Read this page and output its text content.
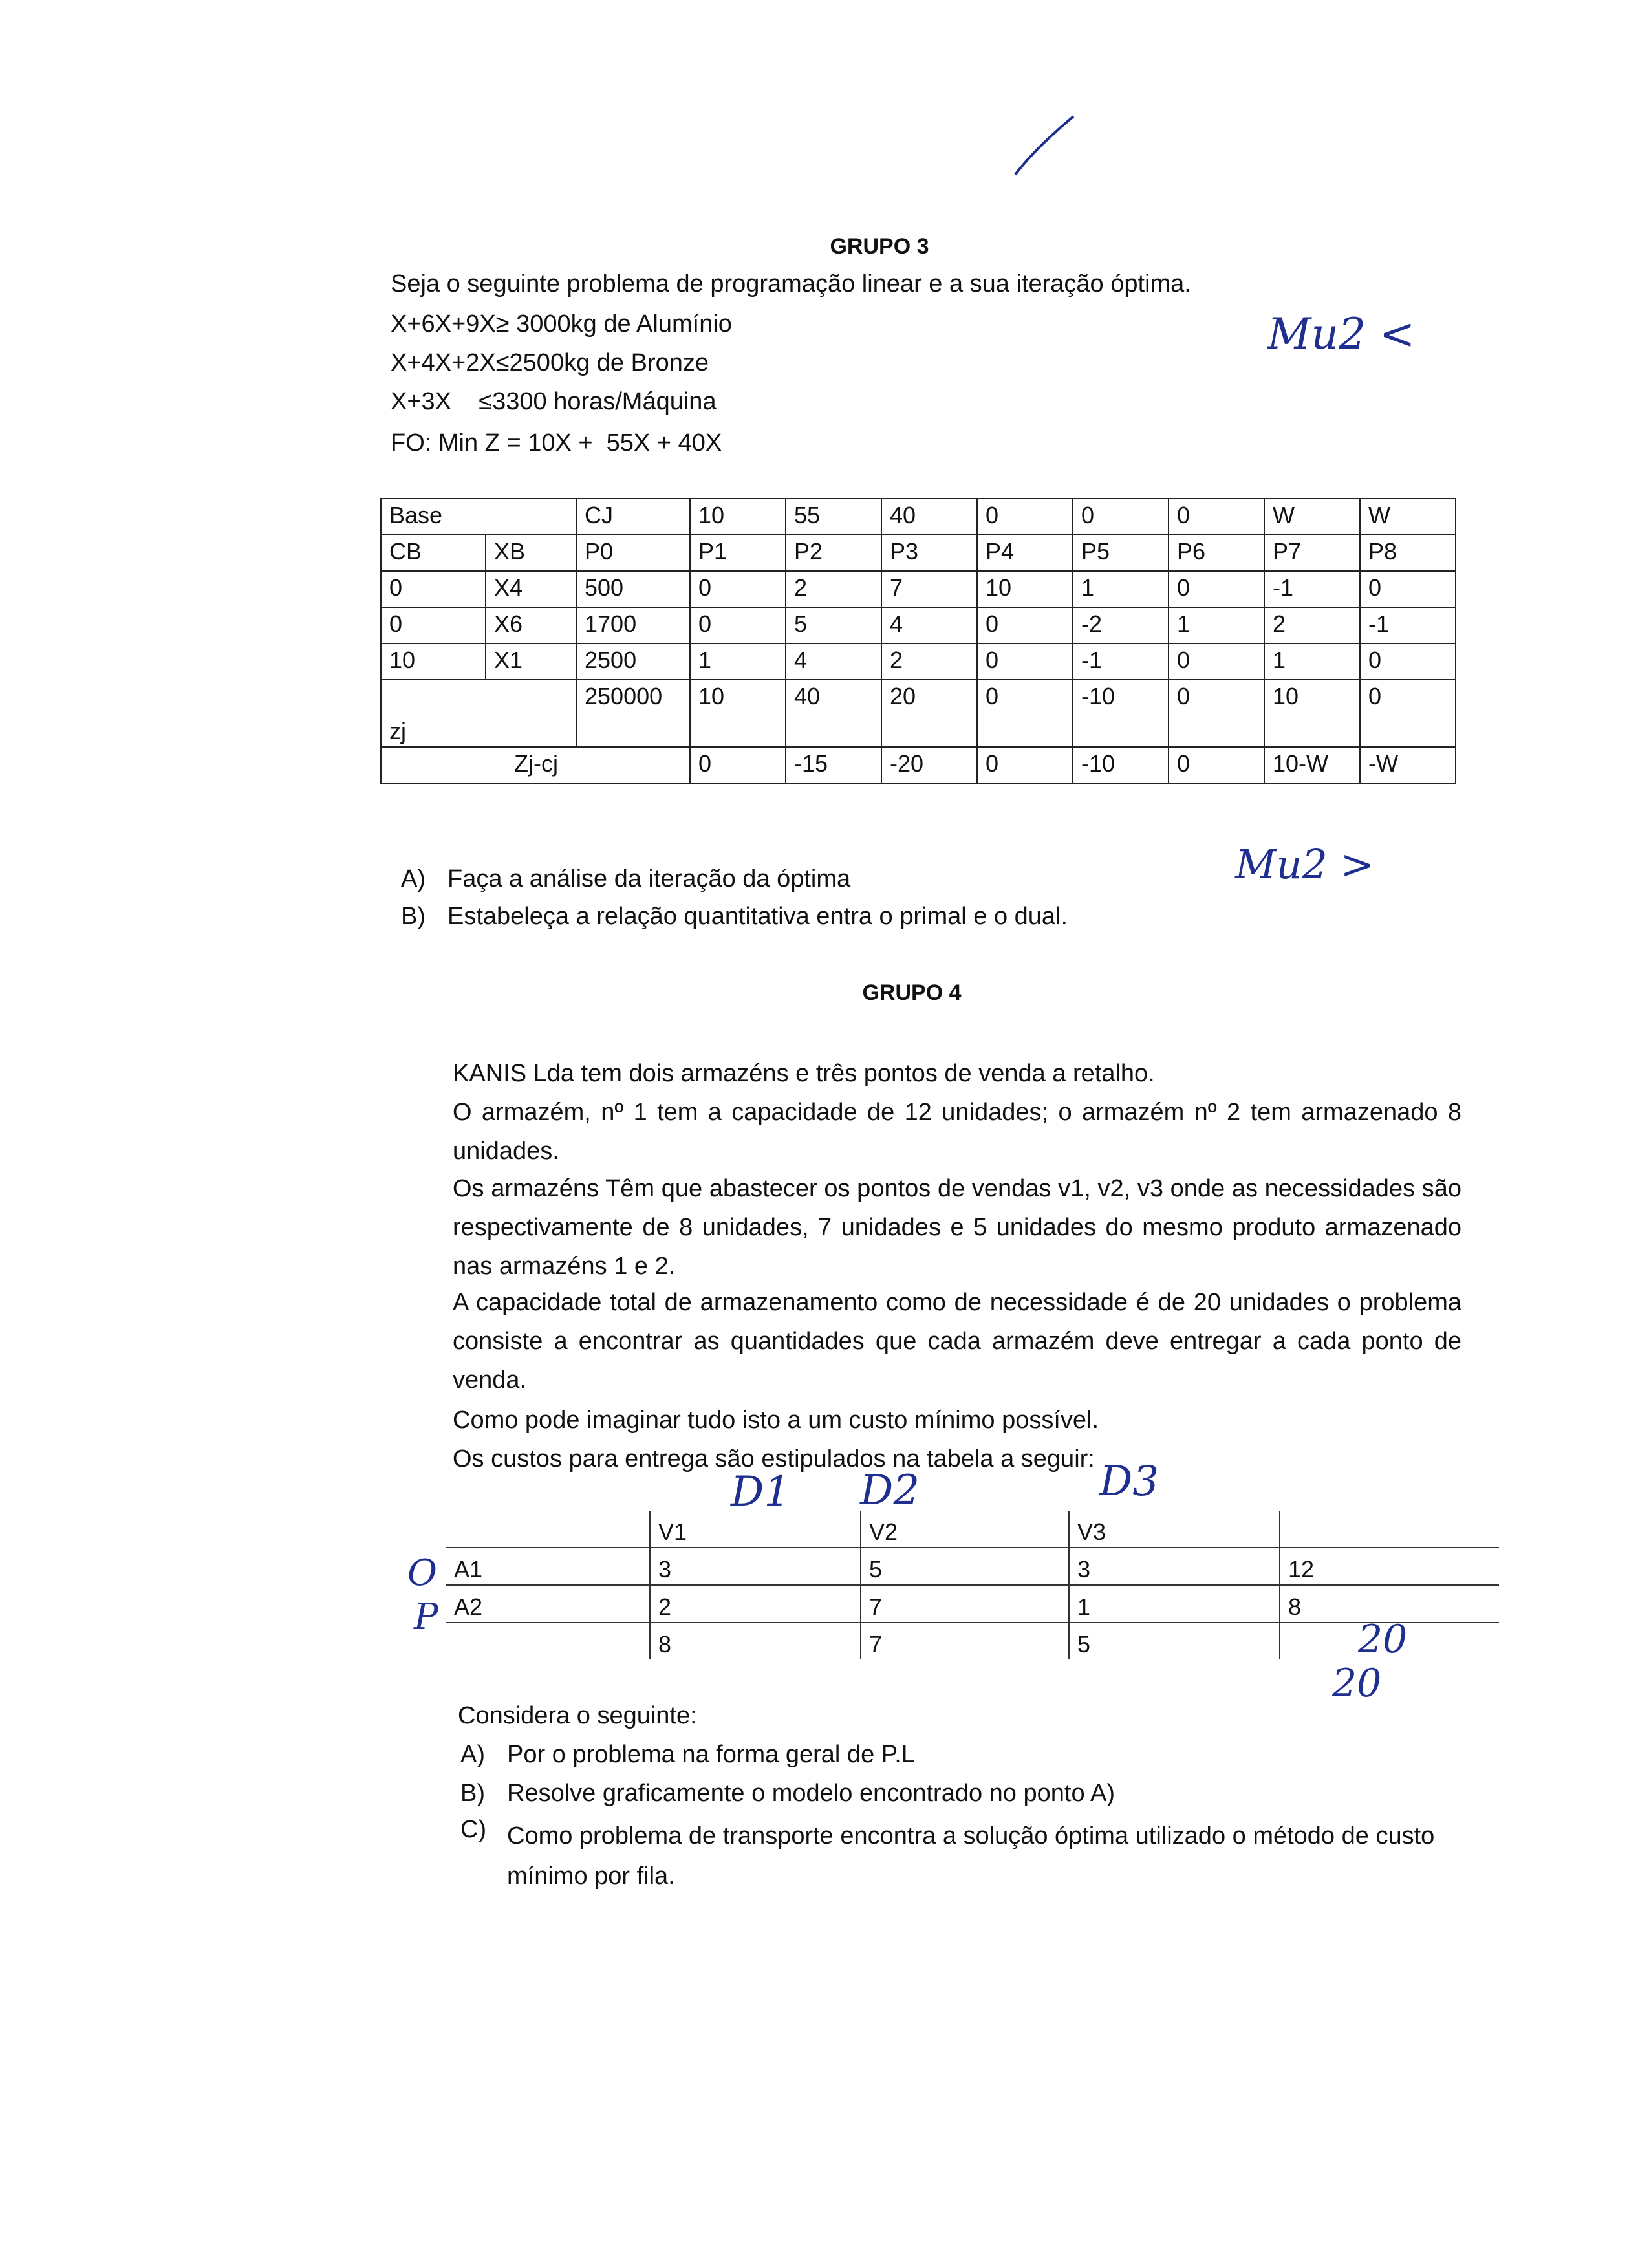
GRUPO 3
Seja o seguinte problema de programação linear e a sua iteração óptima.
X+6X+9X≥ 3000kg de Alumínio
X+4X+2X≤2500kg de Bronze
X+3X    ≤3300 horas/Máquina
FO: Min Z = 10X +  55X + 40X
Mu2 <
Base		CJ	10	55	40	0	0	0	W	W
CB	XB	P0	P1	P2	P3	P4	P5	P6	P7	P8
0	X4	500	0	2	7	10	1	0	-1	0
0	X6	1700	0	5	4	0	-2	1	2	-1
10	X1	2500	1	4	2	0	-1	0	1	0
zj		250000	10	40	20	0	-10	0	10	0
Zj-cj			0	-15	-20	0	-10	0	10-W	-W
A) Faça a análise da iteração da óptima
B) Estabeleça a relação quantitativa entra o primal e o dual.
Mu2 >
GRUPO 4
KANIS Lda tem dois armazéns e três pontos de venda a retalho.
O armazém, nº 1 tem a capacidade de 12 unidades; o armazém nº 2 tem armazenado 8 unidades.
Os armazéns Têm que abastecer os pontos de vendas v1, v2, v3 onde as necessidades são respectivamente de 8 unidades, 7 unidades e 5 unidades do mesmo produto armazenado nas armazéns 1 e 2.
A capacidade total de armazenamento como de necessidade é de 20 unidades o problema consiste a encontrar as quantidades que cada armazém deve entregar a cada ponto de venda.
Como pode imaginar tudo isto a um custo mínimo possível.
Os custos para entrega são estipulados na tabela a seguir:
D1 D2	D3
O
P
	V1	V2	V3	
A1	3	5	3	12
A2	2	7	1	8
	8	7	5		20
20
Considera o seguinte:
A) Por o problema na forma geral de P.L
B) Resolve graficamente o modelo encontrado no ponto A)
C) Como problema de transporte encontra a solução óptima utilizado o método de custo mínimo por fila.
